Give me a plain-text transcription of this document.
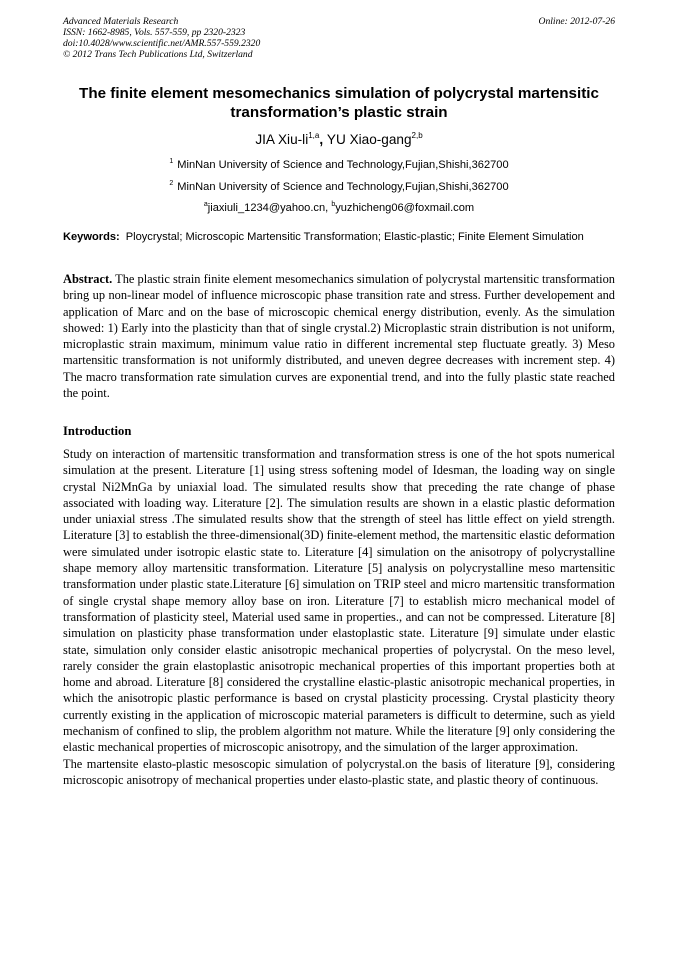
Advanced Materials Research
ISSN: 1662-8985, Vols. 557-559, pp 2320-2323
doi:10.4028/www.scientific.net/AMR.557-559.2320
© 2012 Trans Tech Publications Ltd, Switzerland
Online: 2012-07-26
The finite element mesomechanics simulation of polycrystal martensitic
transformation’s plastic strain
JIA Xiu-li$^{1,a}$, YU Xiao-gang$^{2,b}$
$^1$ MinNan University of Science and Technology,Fujian,Shishi,362700
$^2$ MinNan University of Science and Technology,Fujian,Shishi,362700
$^a$jiaxiuli_1234@yahoo.cn, $^b$yuzhicheng06@foxmail.com
Keywords: Ploycrystal; Microscopic Martensitic Transformation; Elastic-plastic; Finite Element Simulation
Abstract. The plastic strain finite element mesomechanics simulation of polycrystal martensitic transformation bring up non-linear model of influence microscopic phase transition rate and stress. Further developement and application of Marc and on the base of microscopic chemical energy distribution, evenly. As the simulation showed: 1) Early into the plasticity than that of single crystal.2) Microplastic strain distribution is not uniform, microplastic strain maximum, minimum value ratio in different incremental step fluctuate greatly. 3) Meso martensitic transformation is not uniformly distributed, and uneven degree decreases with increment step. 4) The macro transformation rate simulation curves are exponential trend, and into the fully plastic state reached the point.
Introduction
Study on interaction of martensitic transformation and transformation stress is one of the hot spots numerical simulation at the present. Literature [1] using stress softening model of Idesman, the loading way on single crystal Ni2MnGa by uniaxial load. The simulated results show that preceding the rate change of phase associated with loading way. Literature [2]. The simulation results are shown in a elastic plastic deformation under uniaxial stress .The simulated results show that the strength of steel has little effect on yield strength. Literature [3] to establish the three-dimensional(3D) finite-element method, the martensitic elastic deformation were simulated under isotropic elastic state to. Literature [4] simulation on the anisotropy of polycrystalline shape memory alloy martensitic transformation. Literature [5] analysis on polycrystalline meso martensitic transformation under plastic state.Literature [6] simulation on TRIP steel and micro martensitic transformation of single crystal shape memory alloy base on iron. Literature [7] to establish micro mechanical model of transformation of plasticity steel, Material used same in properties., and can not be compressed. Literature [8] simulation on plasticity phase transformation under elastoplastic state. Literature [9] simulate under elastic state, simulation only consider elastic anisotropic mechanical properties of polycrystal. On the meso level, rarely consider the grain elastoplastic anisotropic mechanical properties of this important properties both at home and abroad. Literature [8] considered the crystalline elastic-plastic anisotropic mechanical properties, in which the anisotropic plastic performance is based on crystal plasticity processing. Crystal plasticity theory currently existing in the application of microscopic material parameters is difficult to determine, such as yield mechanism of confined to slip, the problem algorithm not mature. While the literature [9] only considering the elastic mechanical properties of microscopic anisotropy, and the simulation of the larger approximation.
The martensite elasto-plastic mesoscopic simulation of polycrystal.on the basis of literature [9], considering microscopic anisotropy of mechanical properties under elasto-plastic state, and plastic theory of continuous.
